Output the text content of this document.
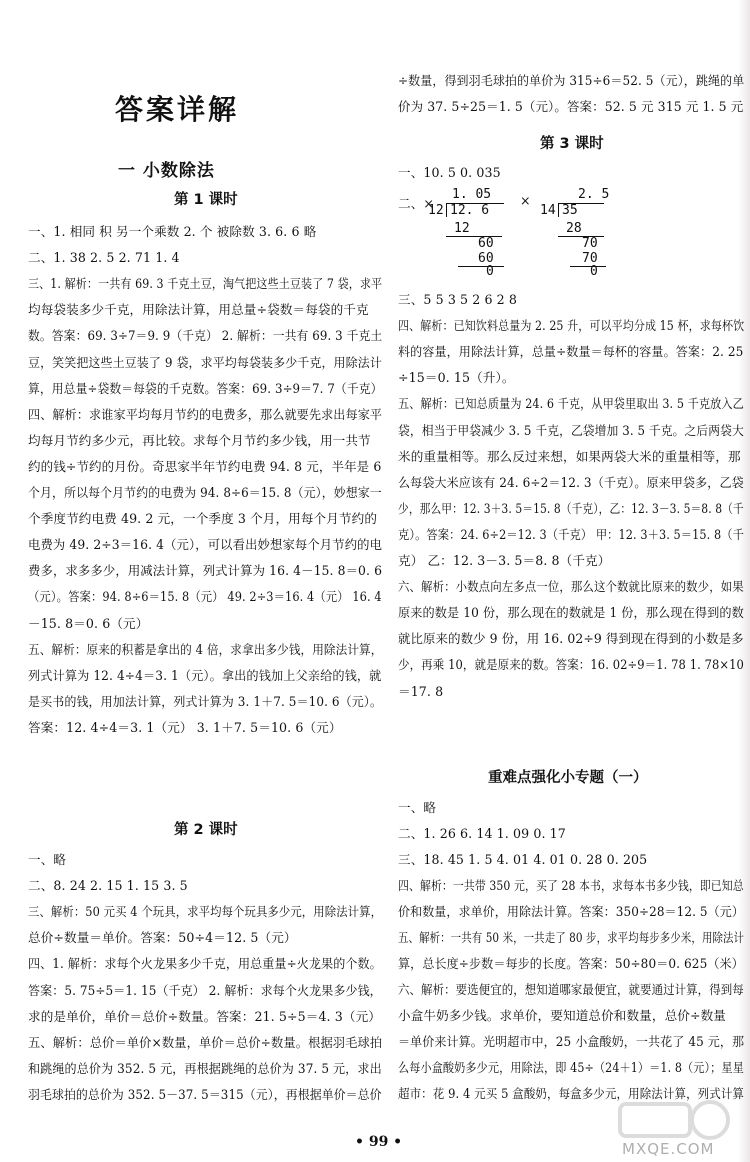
答案详解
一 小数除法
第 1 课时
第 2 课时
第 3 课时
一、10. 5 0. 035
二、×
1. 05
12 12. 6
12
60
60
0
×	2. 5
14 35
28
70
70
0
重难点强化小专题（一）
• 99 •	MXQE.COM
一、1. 相同 积 另一个乘数 2. 个 被除数 3. 6. 6 略
二、1. 38 2. 5 2. 71 1. 4
三、1. 解析：一共有 69. 3 千克土豆，淘气把这些土豆装了 7 袋，求平
均每袋装多少千克，用除法计算，用总量÷袋数＝每袋的千克
数。答案：69. 3÷7＝9. 9（千克） 2. 解析：一共有 69. 3 千克土
豆，笑笑把这些土豆装了 9 袋，求平均每袋装多少千克，用除法计
算，用总量÷袋数＝每袋的千克数。答案：69. 3÷9＝7. 7（千克）
四、解析：求谁家平均每月节约的电费多，那么就要先求出每家平
均每月节约多少元，再比较。求每个月节约多少钱，用一共节
约的钱÷节约的月份。奇思家半年节约电费 94. 8 元，半年是 6
个月，所以每个月节约的电费为 94. 8÷6＝15. 8（元），妙想家一
个季度节约电费 49. 2 元，一个季度 3 个月，用每个月节约的
电费为 49. 2÷3＝16. 4（元），可以看出妙想家每个月节约的电
费多，求多多少，用减法计算，列式计算为 16. 4－15. 8＝0. 6
（元）。答案：94. 8÷6＝15. 8（元） 49. 2÷3＝16. 4（元） 16. 4
－15. 8＝0. 6（元）
五、解析：原来的积蓄是拿出的 4 倍，求拿出多少钱，用除法计算，
列式计算为 12. 4÷4＝3. 1（元）。拿出的钱加上父亲给的钱，就
是买书的钱，用加法计算，列式计算为 3. 1＋7. 5＝10. 6（元）。
答案：12. 4÷4＝3. 1（元） 3. 1＋7. 5＝10. 6（元）
一、略
二、8. 24 2. 15 1. 15 3. 5
三、解析：50 元买 4 个玩具，求平均每个玩具多少元，用除法计算，
总价÷数量＝单价。答案：50÷4＝12. 5（元）
四、1. 解析：求每个火龙果多少千克，用总重量÷火龙果的个数。
答案：5. 75÷5＝1. 15（千克） 2. 解析：求每个火龙果多少钱，
求的是单价，单价＝总价÷数量。答案：21. 5÷5＝4. 3（元）
五、解析：总价＝单价×数量，单价＝总价÷数量。根据羽毛球拍
和跳绳的总价为 352. 5 元，再根据跳绳的总价为 37. 5 元，求出
羽毛球拍的总价为 352. 5－37. 5＝315（元），再根据单价＝总价
÷数量，得到羽毛球拍的单价为 315÷6＝52. 5（元），跳绳的单
价为 37. 5÷25＝1. 5（元）。答案：52. 5 元 315 元 1. 5 元
三、5 5 3 5 2 6 2 8
四、解析：已知饮料总量为 2. 25 升，可以平均分成 15 杯，求每杯饮
料的容量，用除法计算，总量÷数量＝每杯的容量。答案：2. 25
÷15＝0. 15（升）。
五、解析：已知总质量为 24. 6 千克，从甲袋里取出 3. 5 千克放入乙
袋，相当于甲袋减少 3. 5 千克，乙袋增加 3. 5 千克。之后两袋大
米的重量相等。那么反过来想，如果两袋大米的重量相等，那
么每袋大米应该有 24. 6÷2＝12. 3（千克）。原来甲袋多，乙袋
少，那么甲：12. 3＋3. 5＝15. 8（千克），乙：12. 3－3. 5＝8. 8（千
克）。答案：24. 6÷2＝12. 3（千克） 甲：12. 3＋3. 5＝15. 8（千
克） 乙：12. 3－3. 5＝8. 8（千克）
六、解析：小数点向左多点一位，那么这个数就比原来的数少，如果
原来的数是 10 份，那么现在的数就是 1 份，那么现在得到的数
就比原来的数少 9 份，用 16. 02÷9 得到现在得到的小数是多
少，再乘 10，就是原来的数。答案：16. 02÷9＝1. 78 1. 78×10
＝17. 8
一、略
二、1. 26 6. 14 1. 09 0. 17
三、18. 45 1. 5 4. 01 4. 01 0. 28 0. 205
四、解析：一共带 350 元，买了 28 本书，求每本书多少钱，即已知总
价和数量，求单价，用除法计算。答案：350÷28＝12. 5（元）
五、解析：一共有 50 米，一共走了 80 步，求平均每步多少米，用除法计
算，总长度÷步数＝每步的长度。答案：50÷80＝0. 625（米）
六、解析：要选便宜的，想知道哪家最便宜，就要通过计算，得到每
小盒牛奶多少钱。求单价，要知道总价和数量，总价÷数量
＝单价来计算。光明超市中，25 小盒酸奶，一共花了 45 元，那
么每小盒酸奶多少元，用除法，即 45÷（24＋1）＝1. 8（元）；星星
超市：花 9. 4 元买 5 盒酸奶，每盒多少元，用除法计算，列式计算
